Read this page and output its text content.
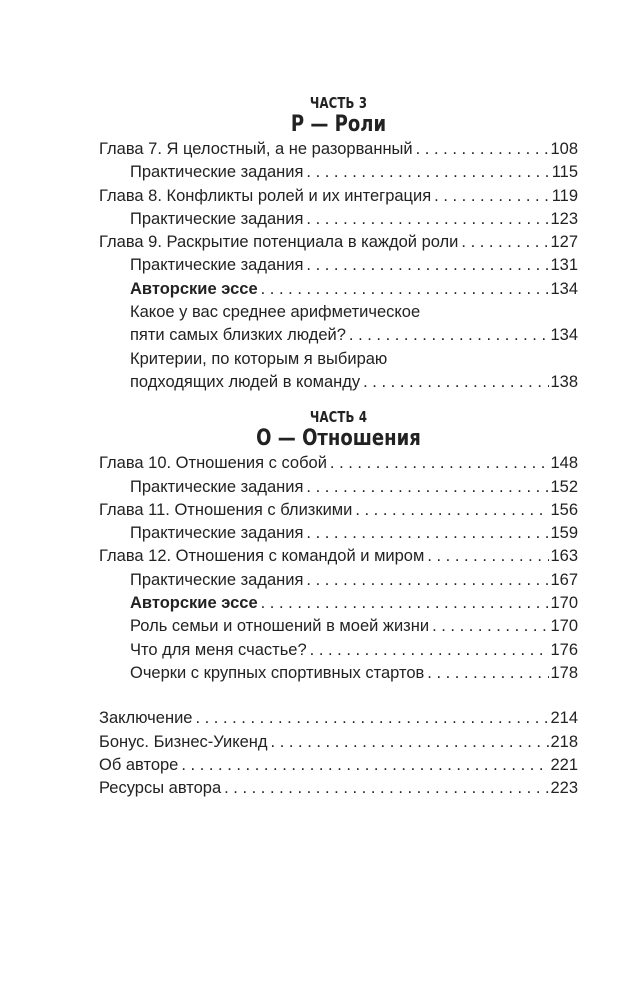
ЧАСТЬ 3
Р — Роли
Глава 7. Я целостный, а не разорванный . . .	108
Практические задания . . .	115
Глава 8. Конфликты ролей и их интеграция . . .	119
Практические задания . . .	123
Глава 9. Раскрытие потенциала в каждой роли . . .	127
Практические задания . . .	131
Авторские эссе . . .	134
Какое у вас среднее арифметическое
пяти самых близких людей? . . .	134
Критерии, по которым я выбираю
подходящих людей в команду . . .	138
ЧАСТЬ 4
О — Отношения
Глава 10. Отношения с собой . . .	148
Практические задания . . .	152
Глава 11. Отношения с близкими . . .	156
Практические задания . . .	159
Глава 12. Отношения с командой и миром . . .	163
Практические задания . . .	167
Авторские эссе . . .	170
Роль семьи и отношений в моей жизни . . .	170
Что для меня счастье? . . .	176
Очерки с крупных спортивных стартов . . .	178
Заключение . . .	214
Бонус. Бизнес-Уикенд . . .	218
Об авторе . . .	221
Ресурсы автора . . .	223
